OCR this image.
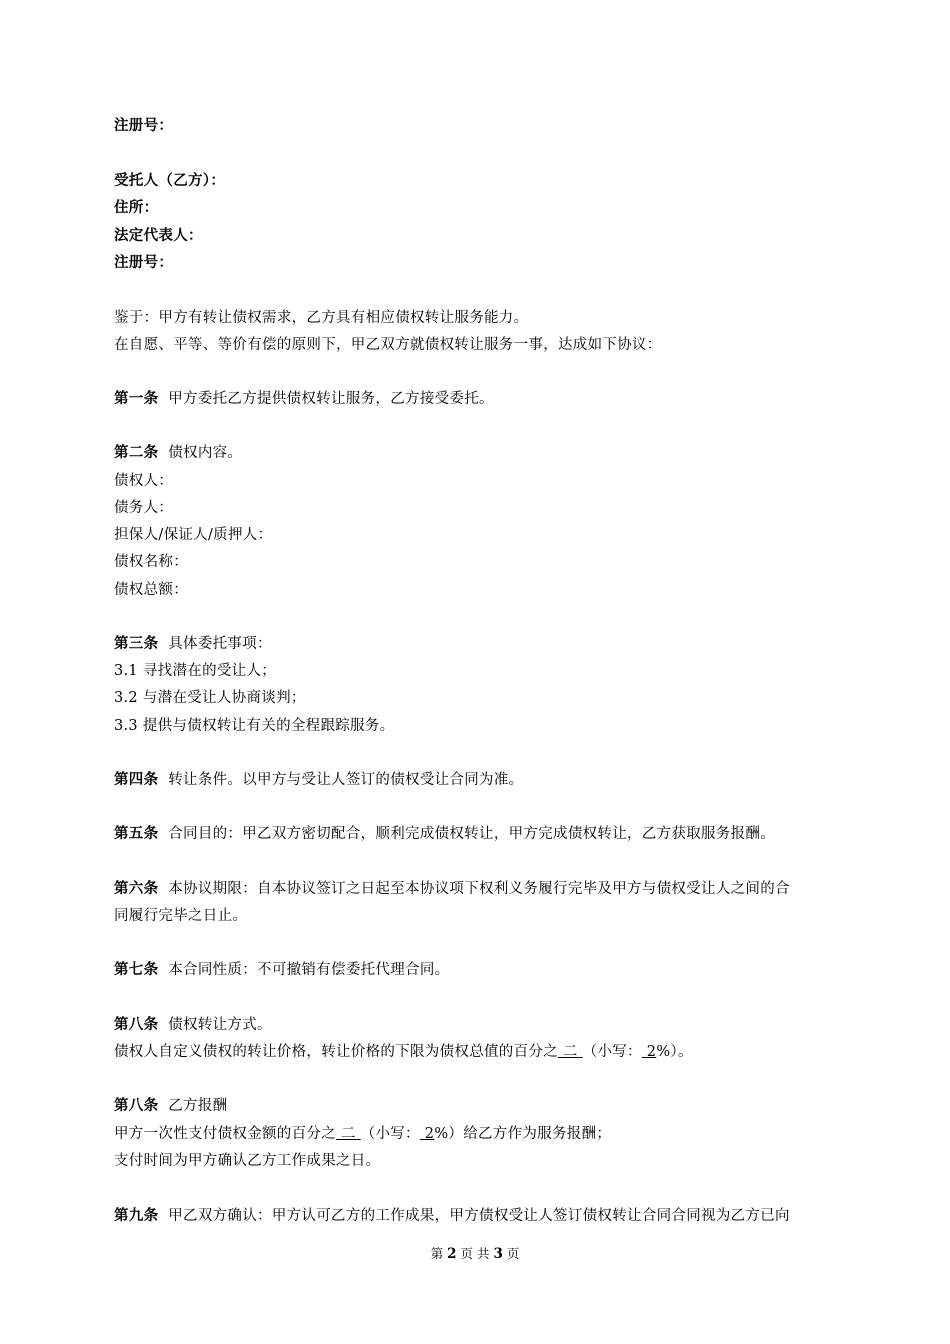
注册号：
受托人（乙方）：
住所：
法定代表人：
注册号：
鉴于：甲方有转让债权需求，乙方具有相应债权转让服务能力。
在自愿、平等、等价有偿的原则下，甲乙双方就债权转让服务一事，达成如下协议：
第一条 甲方委托乙方提供债权转让服务，乙方接受委托。
第二条 债权内容。
债权人：
债务人：
担保人/保证人/质押人：
债权名称：
债权总额：
第三条 具体委托事项：
3.1 寻找潜在的受让人；
3.2 与潜在受让人协商谈判；
3.3 提供与债权转让有关的全程跟踪服务。
第四条 转让条件。以甲方与受让人签订的债权受让合同为准。
第五条 合同目的：甲乙双方密切配合，顺利完成债权转让，甲方完成债权转让，乙方获取服务报酬。
第六条 本协议期限：自本协议签订之日起至本协议项下权利义务履行完毕及甲方与债权受让人之间的合
同履行完毕之日止。
第七条 本合同性质：不可撤销有偿委托代理合同。
第八条 债权转让方式。
债权人自定义债权的转让价格，转让价格的下限为债权总值的百分之 二 （小写： 2%）。
第八条 乙方报酬
甲方一次性支付债权金额的百分之 二 （小写： 2%）给乙方作为服务报酬；
支付时间为甲方确认乙方工作成果之日。
第九条 甲乙双方确认：甲方认可乙方的工作成果，甲方债权受让人签订债权转让合同合同视为乙方已向
第 2 页 共 3 页
